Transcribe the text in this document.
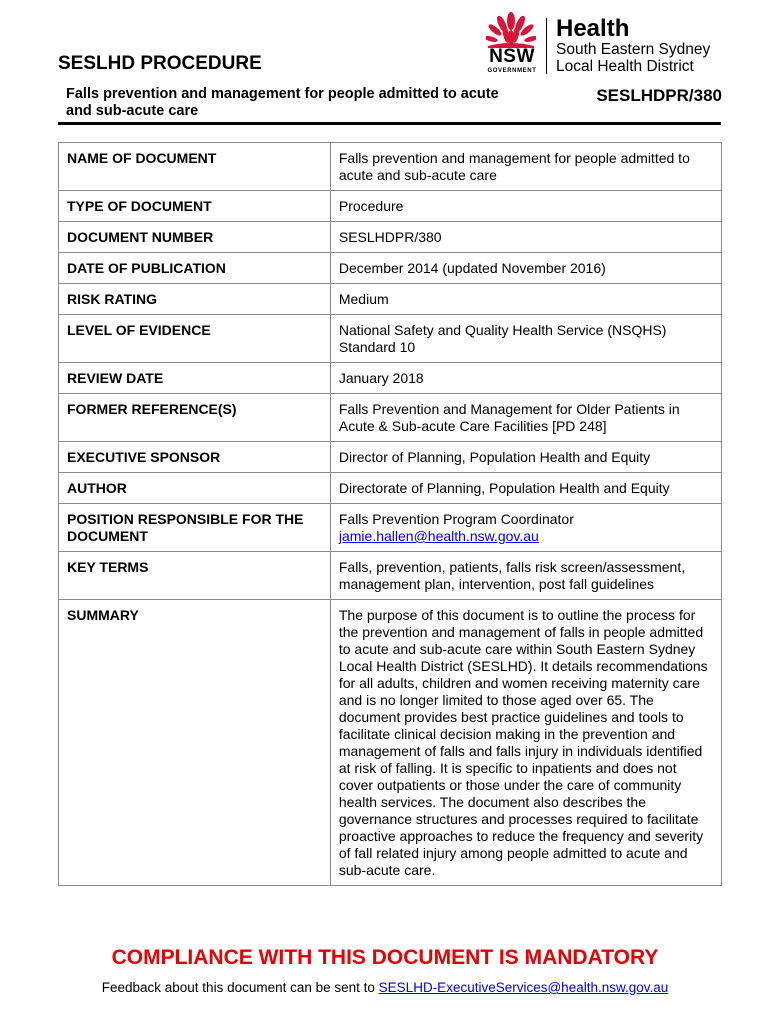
NSW
GOVERNMENT
Health
South Eastern Sydney
Local Health District
SESLHD PROCEDURE
Falls prevention and management for people admitted to acute and sub-acute care
SESLHDPR/380
NAME OF DOCUMENT	Falls prevention and management for people admitted to acute and sub-acute care
TYPE OF DOCUMENT	Procedure
DOCUMENT NUMBER	SESLHDPR/380
DATE OF PUBLICATION	December 2014 (updated November 2016)
RISK RATING	Medium
LEVEL OF EVIDENCE	National Safety and Quality Health Service (NSQHS) Standard 10
REVIEW DATE	January 2018
FORMER REFERENCE(S)	Falls Prevention and Management for Older Patients in Acute & Sub-acute Care Facilities [PD 248]
EXECUTIVE SPONSOR	Director of Planning, Population Health and Equity
AUTHOR	Directorate of Planning, Population Health and Equity
POSITION RESPONSIBLE FOR THE DOCUMENT	Falls Prevention Program Coordinator
jamie.hallen@health.nsw.gov.au
KEY TERMS	Falls, prevention, patients, falls risk screen/assessment, management plan, intervention, post fall guidelines
SUMMARY	The purpose of this document is to outline the process for the prevention and management of falls in people admitted to acute and sub-acute care within South Eastern Sydney Local Health District (SESLHD). It details recommendations for all adults, children and women receiving maternity care and is no longer limited to those aged over 65. The document provides best practice guidelines and tools to facilitate clinical decision making in the prevention and management of falls and falls injury in individuals identified at risk of falling. It is specific to inpatients and does not cover outpatients or those under the care of community health services. The document also describes the governance structures and processes required to facilitate proactive approaches to reduce the frequency and severity of fall related injury among people admitted to acute and sub-acute care.
COMPLIANCE WITH THIS DOCUMENT IS MANDATORY
Feedback about this document can be sent to SESLHD-ExecutiveServices@health.nsw.gov.au
